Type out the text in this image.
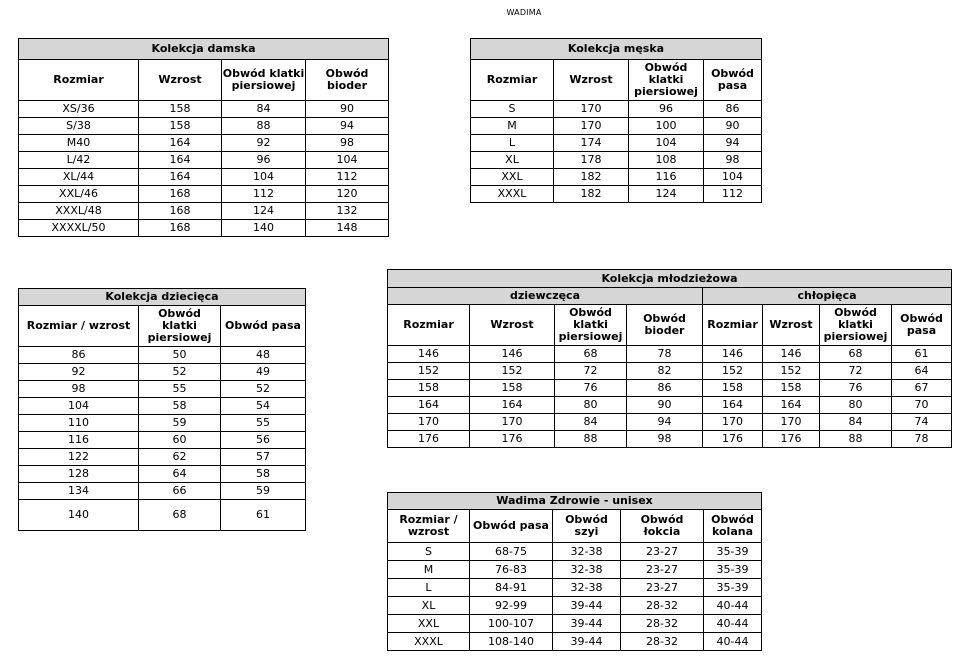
WADIMA
Kolekcja damska			
Rozmiar	Wzrost	Obwód klatki piersiowej	Obwód bioder
XS/36	158	84	90
S/38	158	88	94
M40	164	92	98
L/42	164	96	104
XL/44	164	104	112
XXL/46	168	112	120
XXXL/48	168	124	132
XXXXL/50	168	140	148
Kolekcja męska			
Rozmiar	Wzrost	Obwód klatki piersiowej	Obwód pasa
S	170	96	86
M	170	100	90
L	174	104	94
XL	178	108	98
XXL	182	116	104
XXXL	182	124	112
Kolekcja dziecięca		
Rozmiar / wzrost	Obwód klatki piersiowej	Obwód pasa
86	50	48
92	52	49
98	55	52
104	58	54
110	59	55
116	60	56
122	62	57
128	64	58
134	66	59
140	68	61
Kolekcja młodzieżowa							
dziewczęca				chłopięca			
Rozmiar	Wzrost	Obwód klatki piersiowej	Obwód bioder	Rozmiar	Wzrost	Obwód klatki piersiowej	Obwód pasa
146	146	68	78	146	146	68	61
152	152	72	82	152	152	72	64
158	158	76	86	158	158	76	67
164	164	80	90	164	164	80	70
170	170	84	94	170	170	84	74
176	176	88	98	176	176	88	78
Wadima Zdrowie - unisex				
Rozmiar / wzrost	Obwód pasa	Obwód szyi	Obwód łokcia	Obwód kolana
S	68-75	32-38	23-27	35-39
M	76-83	32-38	23-27	35-39
L	84-91	32-38	23-27	35-39
XL	92-99	39-44	28-32	40-44
XXL	100-107	39-44	28-32	40-44
XXXL	108-140	39-44	28-32	40-44
